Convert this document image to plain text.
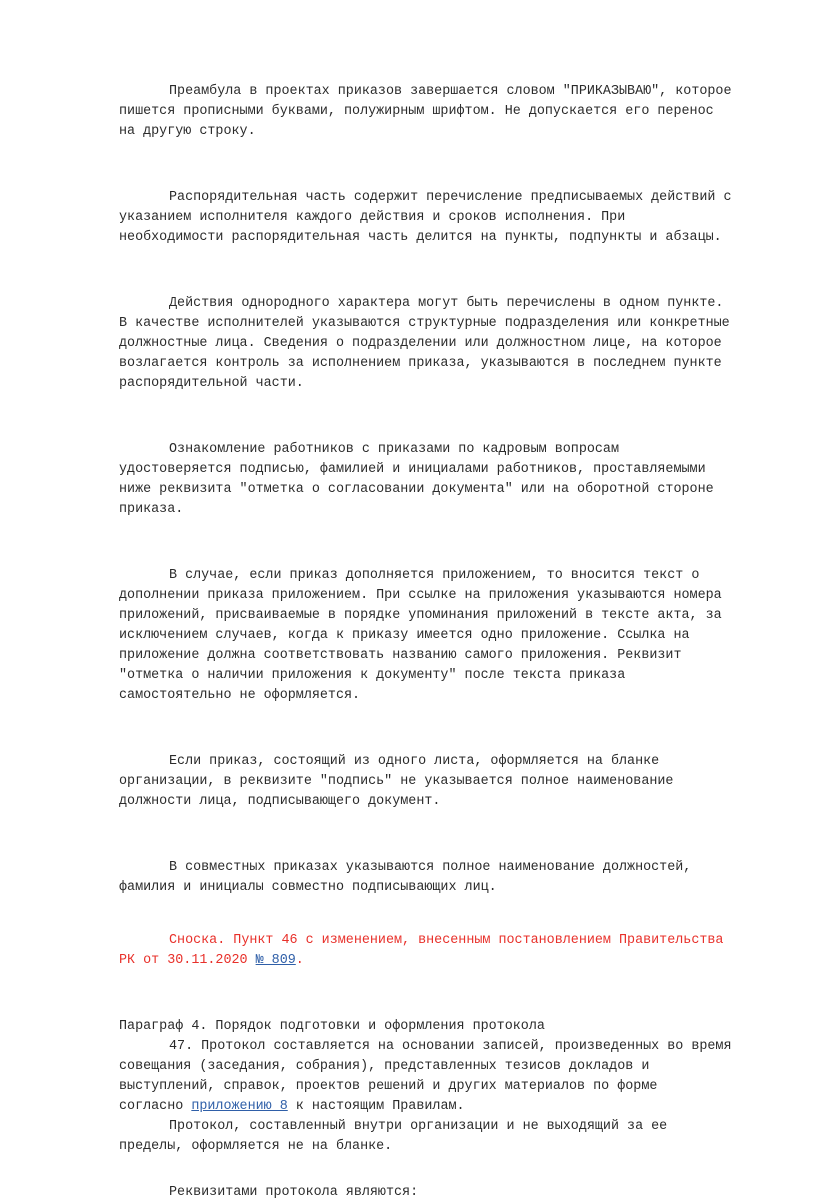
Преамбула в проектах приказов завершается словом "ПРИКАЗЫВАЮ", которое
пишется прописными буквами, полужирным шрифтом. Не допускается его перенос
на другую строку.

Распорядительная часть содержит перечисление предписываемых действий с
указанием исполнителя каждого действия и сроков исполнения. При
необходимости распорядительная часть делится на пункты, подпункты и абзацы.

Действия однородного характера могут быть перечислены в одном пункте.
В качестве исполнителей указываются структурные подразделения или конкретные
должностные лица. Сведения о подразделении или должностном лице, на которое
возлагается контроль за исполнением приказа, указываются в последнем пункте
распорядительной части.

Ознакомление работников с приказами по кадровым вопросам
удостоверяется подписью, фамилией и инициалами работников, проставляемыми
ниже реквизита "отметка о согласовании документа" или на оборотной стороне
приказа.

В случае, если приказ дополняется приложением, то вносится текст о
дополнении приказа приложением. При ссылке на приложения указываются номера
приложений, присваиваемые в порядке упоминания приложений в тексте акта, за
исключением случаев, когда к приказу имеется одно приложение. Ссылка на
приложение должна соответствовать названию самого приложения. Реквизит
"отметка о наличии приложения к документу" после текста приказа
самостоятельно не оформляется.

Если приказ, состоящий из одного листа, оформляется на бланке
организации, в реквизите "подпись" не указывается полное наименование
должности лица, подписывающего документ.

В совместных приказах указываются полное наименование должностей,
фамилия и инициалы совместно подписывающих лиц.

Сноска. Пункт 46 с изменением, внесенным постановлением Правительства
РК от 30.11.2020 № 809.

Параграф 4. Порядок подготовки и оформления протокола

47. Протокол составляется на основании записей, произведенных во время
совещания (заседания, собрания), представленных тезисов докладов и
выступлений, справок, проектов решений и других материалов по форме
согласно приложению 8 к настоящим Правилам.

Протокол, составленный внутри организации и не выходящий за ее
пределы, оформляется не на бланке.

Реквизитами протокола являются:
